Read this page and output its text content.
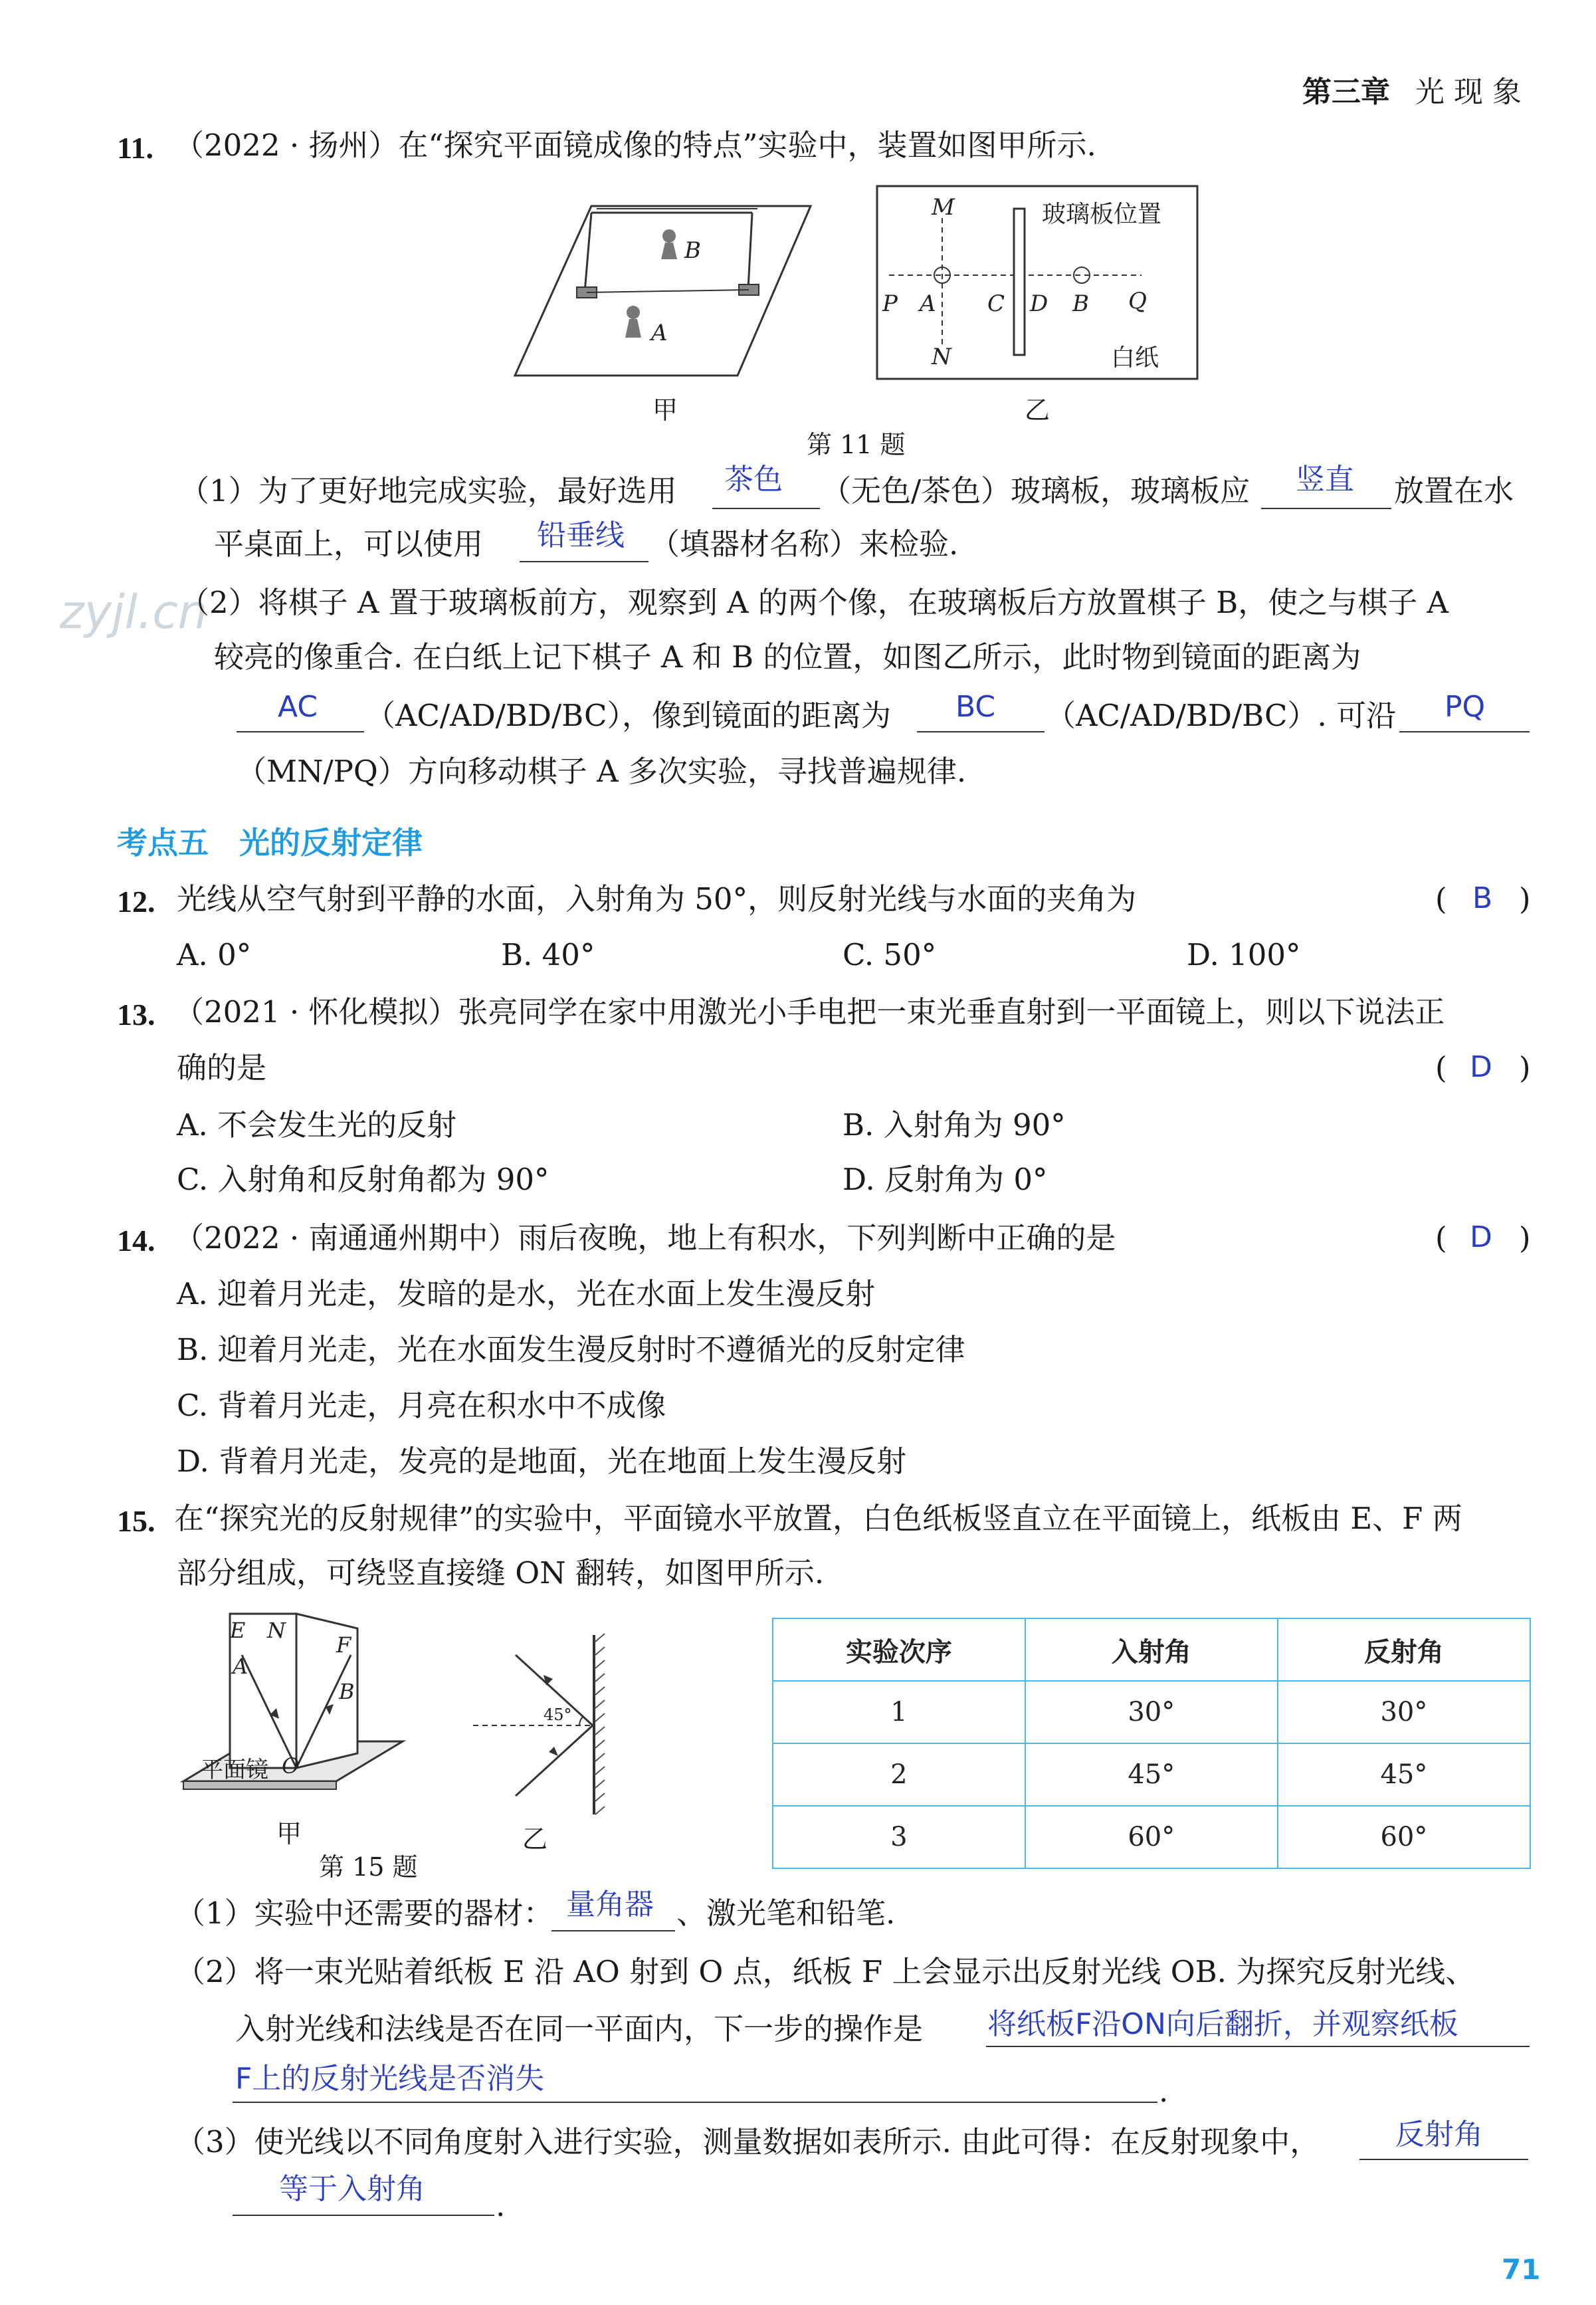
第三章 光 现 象
zyjl.cn
11. （2022 · 扬州）在“探究平面镜成像的特点”实验中，装置如图甲所示.
B
A
甲
M
N
P A C D B Q
玻璃板位置
白纸
乙
第 11 题
（1）为了更好地完成实验，最好选用 茶色 （无色/茶色）玻璃板，玻璃板应 竖直 放置在水
平桌面上，可以使用 铅垂线 （填器材名称）来检验.
（2）将棋子 A 置于玻璃板前方，观察到 A 的两个像，在玻璃板后方放置棋子 B，使之与棋子 A
较亮的像重合. 在白纸上记下棋子 A 和 B 的位置，如图乙所示，此时物到镜面的距离为
AC （AC/AD/BD/BC），像到镜面的距离为 BC （AC/AD/BD/BC）. 可沿 PQ
（MN/PQ）方向移动棋子 A 多次实验，寻找普遍规律.
考点五　光的反射定律
12. 光线从空气射到平静的水面，入射角为 50°，则反射光线与水面的夹角为	( B )
A. 0°	B. 40°	C. 50°	D. 100°
13. （2021 · 怀化模拟）张亮同学在家中用激光小手电把一束光垂直射到一平面镜上，则以下说法正
确的是	( D )
A. 不会发生光的反射	B. 入射角为 90°
C. 入射角和反射角都为 90°	D. 反射角为 0°
14. （2022 · 南通通州期中）雨后夜晚，地上有积水，下列判断中正确的是	( D )
A. 迎着月光走，发暗的是水，光在水面上发生漫反射
B. 迎着月光走，光在水面发生漫反射时不遵循光的反射定律
C. 背着月光走，月亮在积水中不成像
D. 背着月光走，发亮的是地面，光在地面上发生漫反射
15. 在“探究光的反射规律”的实验中，平面镜水平放置，白色纸板竖直立在平面镜上，纸板由 E、F 两
部分组成，可绕竖直接缝 ON 翻转，如图甲所示.
E N
F
A
B
平面镜 O
甲
45°
乙
第 15 题
实验次序	入射角	反射角
1	30°	30°
2	45°	45°
3	60°	60°
（1）实验中还需要的器材： 量角器 、激光笔和铅笔.
（2）将一束光贴着纸板 E 沿 AO 射到 O 点，纸板 F 上会显示出反射光线 OB. 为探究反射光线、
入射光线和法线是否在同一平面内，下一步的操作是 将纸板F沿ON向后翻折，并观察纸板
F上的反射光线是否消失	.
（3）使光线以不同角度射入进行实验，测量数据如表所示. 由此可得：在反射现象中，	反射角
等于入射角 .
71
